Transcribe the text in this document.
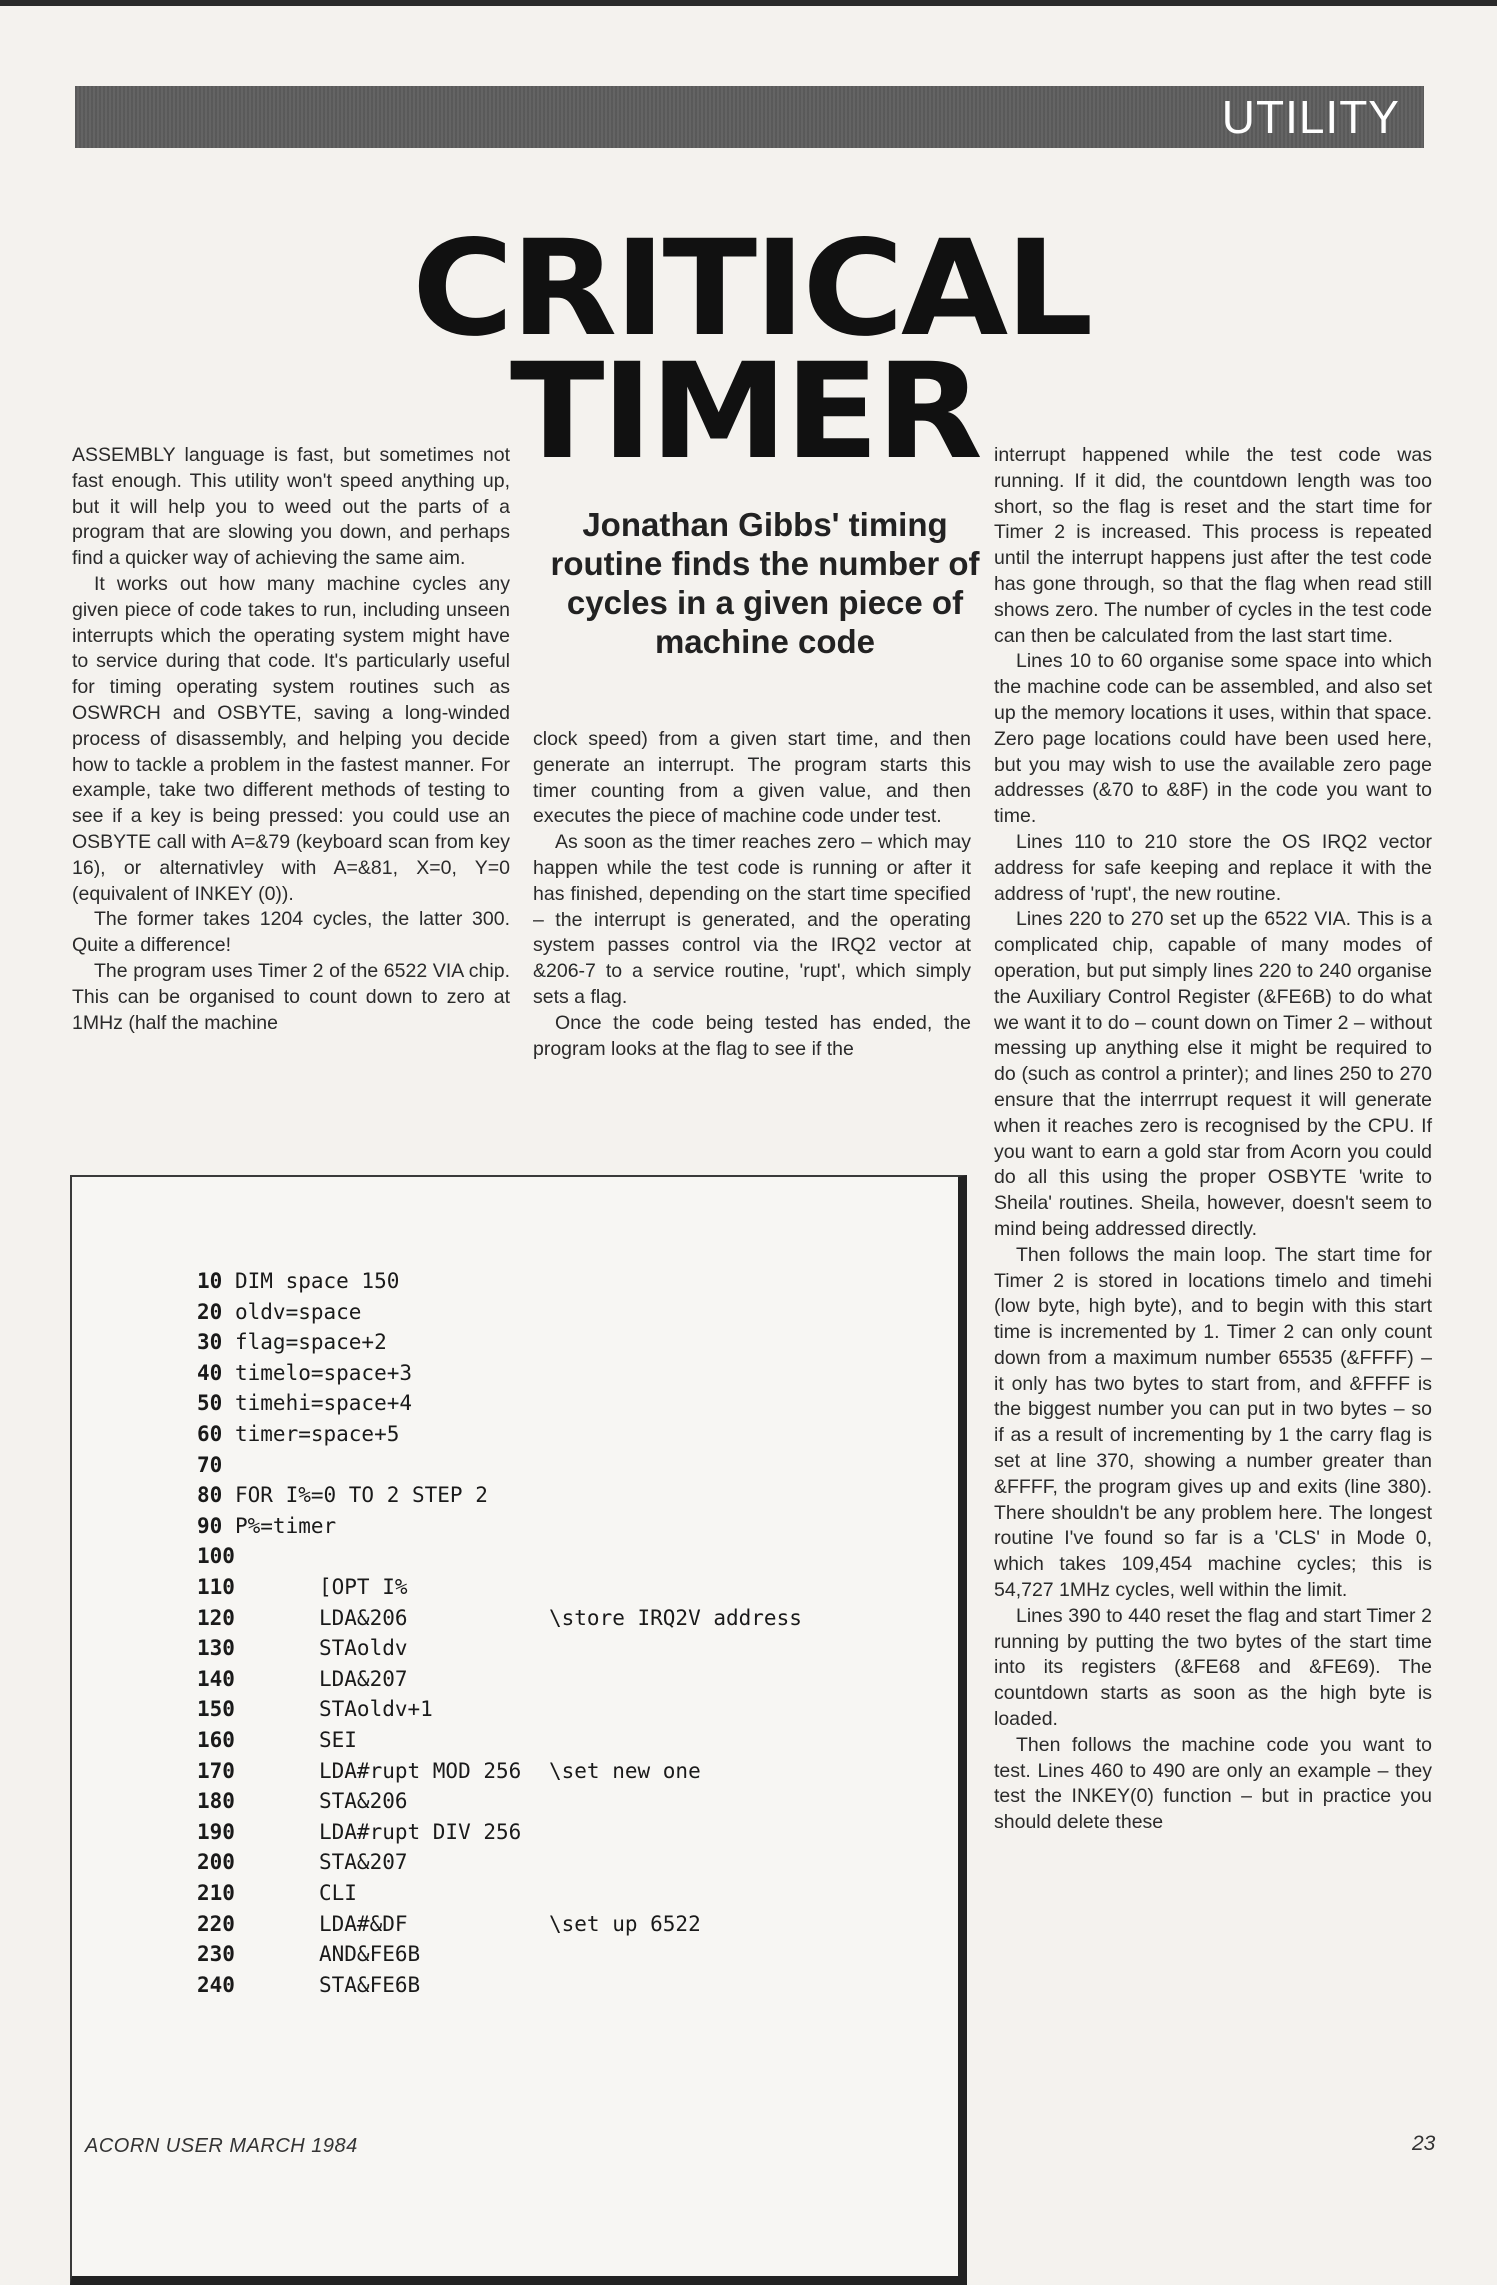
UTILITY
CRITICAL
TIMER
Jonathan Gibbs' timing routine finds the number of cycles in a given piece of machine code

ASSEMBLY language is fast, but sometimes not fast enough. This utility won't speed anything up, but it will help you to weed out the parts of a program that are slowing you down, and perhaps find a quicker way of achieving the same aim.

It works out how many machine cycles any given piece of code takes to run, including unseen interrupts which the operating system might have to service during that code. It's particularly useful for timing operating system routines such as OSWRCH and OSBYTE, saving a long-winded process of disassembly, and helping you decide how to tackle a problem in the fastest manner. For example, take two different methods of testing to see if a key is being pressed: you could use an OSBYTE call with A=&79 (keyboard scan from key 16), or alternativley with A=&81, X=0, Y=0 (equivalent of INKEY (0)).

The former takes 1204 cycles, the latter 300. Quite a difference!

The program uses Timer 2 of the 6522 VIA chip. This can be organised to count down to zero at 1MHz (half the machine

clock speed) from a given start time, and then generate an interrupt. The program starts this timer counting from a given value, and then executes the piece of machine code under test.

As soon as the timer reaches zero – which may happen while the test code is running or after it has finished, depending on the start time specified – the interrupt is generated, and the operating system passes control via the IRQ2 vector at &206-7 to a service routine, 'rupt', which simply sets a flag.

Once the code being tested has ended, the program looks at the flag to see if the

interrupt happened while the test code was running. If it did, the countdown length was too short, so the flag is reset and the start time for Timer 2 is increased. This process is repeated until the interrupt happens just after the test code has gone through, so that the flag when read still shows zero. The number of cycles in the test code can then be calculated from the last start time.

Lines 10 to 60 organise some space into which the machine code can be assembled, and also set up the memory locations it uses, within that space. Zero page locations could have been used here, but you may wish to use the available zero page addresses (&70 to &8F) in the code you want to time.

Lines 110 to 210 store the OS IRQ2 vector address for safe keeping and replace it with the address of 'rupt', the new routine.

Lines 220 to 270 set up the 6522 VIA. This is a complicated chip, capable of many modes of operation, but put simply lines 220 to 240 organise the Auxiliary Control Register (&FE6B) to do what we want it to do – count down on Timer 2 – without messing up anything else it might be required to do (such as control a printer); and lines 250 to 270 ensure that the interrrupt request it will generate when it reaches zero is recognised by the CPU. If you want to earn a gold star from Acorn you could do all this using the proper OSBYTE 'write to Sheila' routines. Sheila, however, doesn't seem to mind being addressed directly.

Then follows the main loop. The start time for Timer 2 is stored in locations timelo and timehi (low byte, high byte), and to begin with this start time is incremented by 1. Timer 2 can only count down from a maximum number 65535 (&FFFF) – it only has two bytes to start from, and &FFFF is the biggest number you can put in two bytes – so if as a result of incrementing by 1 the carry flag is set at line 370, showing a number greater than &FFFF, the program gives up and exits (line 380). There shouldn't be any problem here. The longest routine I've found so far is a 'CLS' in Mode 0, which takes 109,454 machine cycles; this is 54,727 1MHz cycles, well within the limit.

Lines 390 to 440 reset the flag and start Timer 2 running by putting the two bytes of the start time into its registers (&FE68 and &FE69). The countdown starts as soon as the high byte is loaded.

Then follows the machine code you want to test. Lines 460 to 490 are only an example – they test the INKEY(0) function – but in practice you should delete these

10 DIM space 150
20 oldv=space
30 flag=space+2
40 timelo=space+3
50 timehi=space+4
60 timer=space+5
70
80 FOR I%=0 TO 2 STEP 2
90 P%=timer
100
110	[OPT I%
120	LDA&206	\store IRQ2V address
130	STAoldv
140	LDA&207
150	STAoldv+1
160	SEI
170	LDA#rupt MOD 256 \set new one
180	STA&206
190	LDA#rupt DIV 256
200	STA&207
210	CLI
220	LDA#&DF	\set up 6522
230	AND&FE6B
240	STA&FE6B
ACORN USER MARCH 1984	23
